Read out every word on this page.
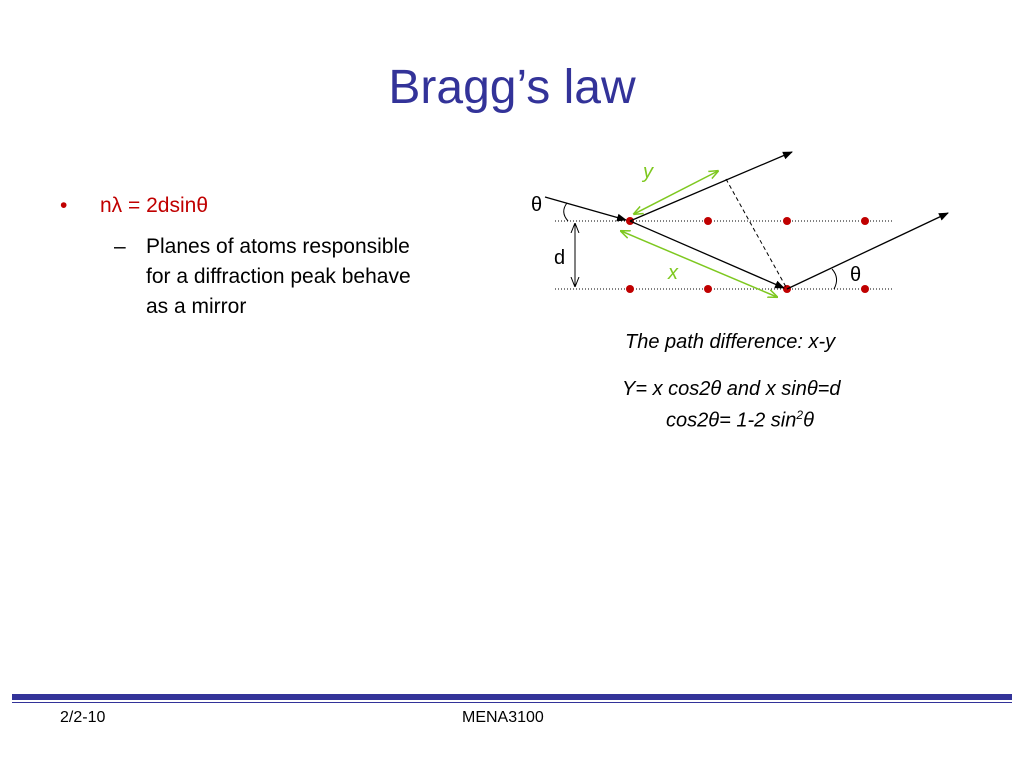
Bragg’s law
• nλ = 2dsinθ
– Planes of atoms responsible
for a diffraction peak behave
as a mirror
θ
d
θ
y
x
The path difference: x-y
Y= x cos2θ and x sinθ=d
cos2θ= 1-2 $\sin^2\theta$
2/2-10	MENA3100
